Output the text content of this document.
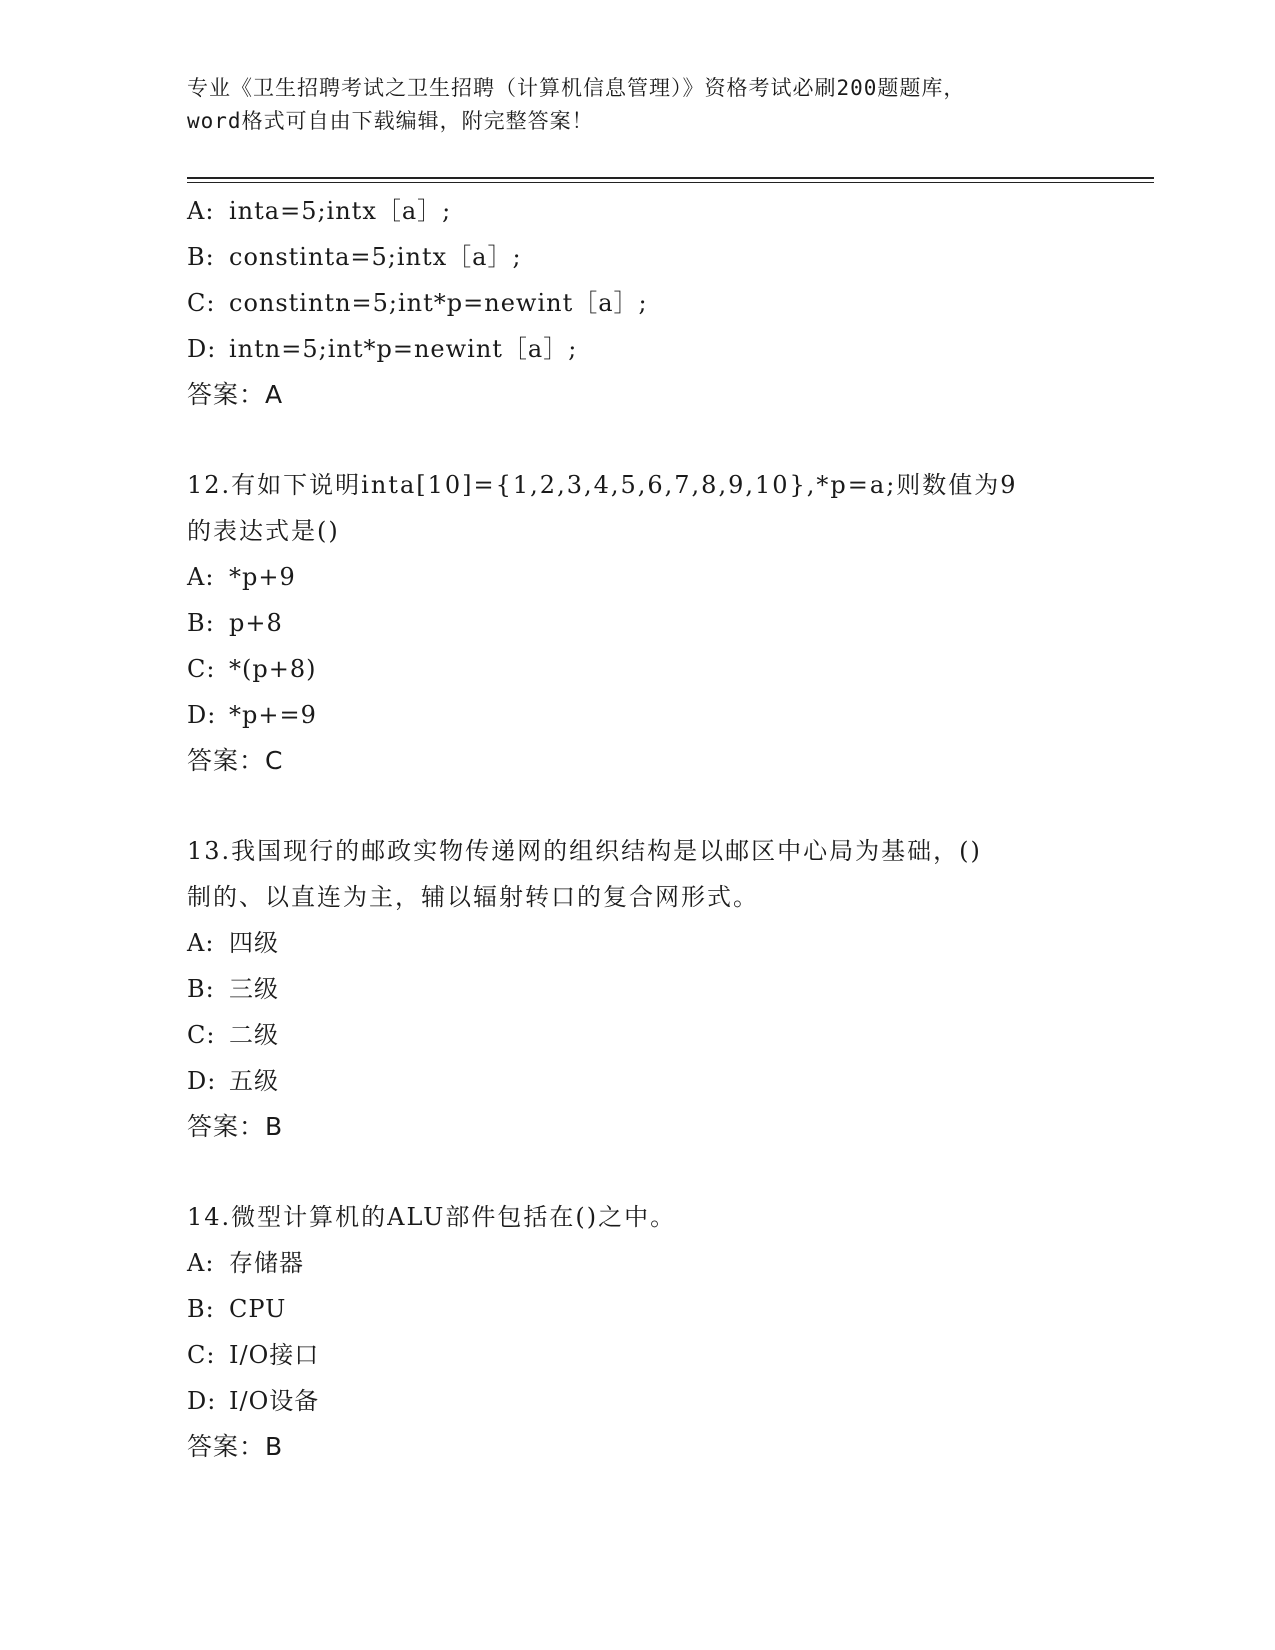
专业《卫生招聘考试之卫生招聘（计算机信息管理）》资格考试必刷200题题库，
word格式可自由下载编辑，附完整答案！
A: inta=5;intx［a］;
B: constinta=5;intx［a］;
C: constintn=5;int*p=newint［a］;
D: intn=5;int*p=newint［a］;
答案：A
12.有如下说明inta[10]={1,2,3,4,5,6,7,8,9,10},*p=a;则数值为9
的表达式是()
A: *p+9
B: p+8
C: *(p+8)
D: *p+=9
答案：C
13.我国现行的邮政实物传递网的组织结构是以邮区中心局为基础，()
制的、以直连为主，辅以辐射转口的复合网形式。
A: 四级
B: 三级
C: 二级
D: 五级
答案：B
14.微型计算机的ALU部件包括在()之中。
A: 存储器
B: CPU
C: I/O接口
D: I/O设备
答案：B
